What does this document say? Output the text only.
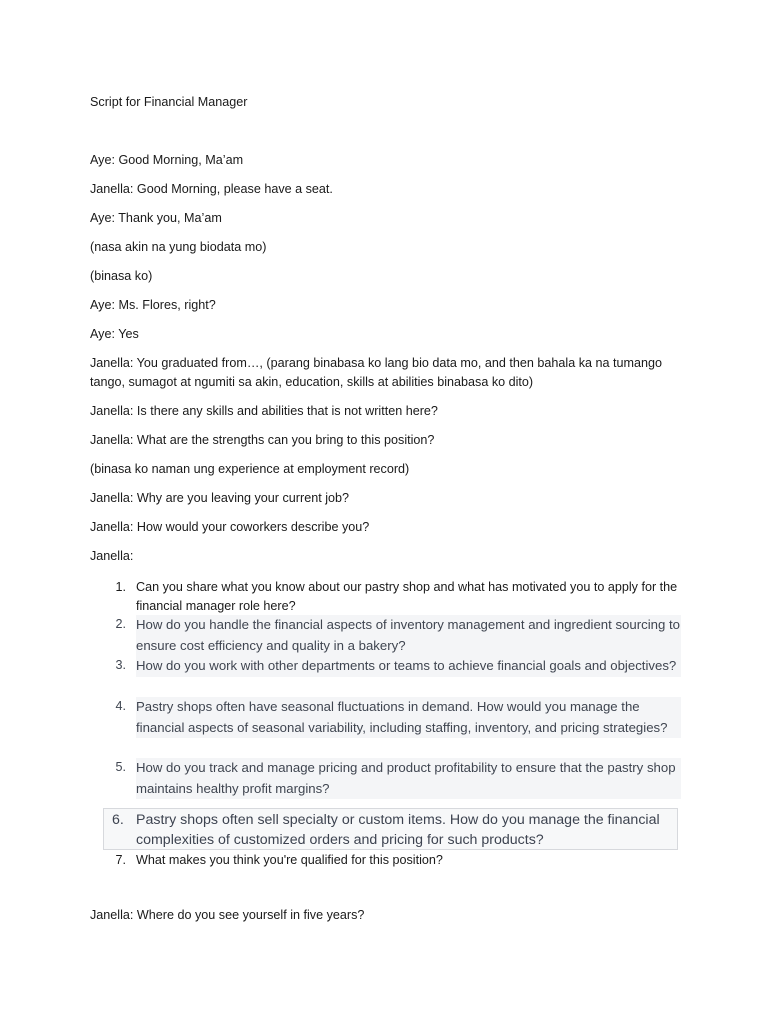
Script for Financial Manager
Aye: Good Morning, Ma’am
Janella: Good Morning, please have a seat.
Aye: Thank you, Ma’am
(nasa akin na yung biodata mo)
(binasa ko)
Aye: Ms. Flores, right?
Aye: Yes
Janella: You graduated from…, (parang binabasa ko lang bio data mo, and then bahala ka na tumango tango, sumagot at ngumiti sa akin, education, skills at abilities binabasa ko dito)
Janella: Is there any skills and abilities that is not written here?
Janella: What are the strengths can you bring to this position?
(binasa ko naman ung experience at employment record)
Janella: Why are you leaving your current job?
Janella: How would your coworkers describe you?
Janella:
1. Can you share what you know about our pastry shop and what has motivated you to apply for the financial manager role here?
2. How do you handle the financial aspects of inventory management and ingredient sourcing to ensure cost efficiency and quality in a bakery?
3. How do you work with other departments or teams to achieve financial goals and objectives?
4. Pastry shops often have seasonal fluctuations in demand. How would you manage the financial aspects of seasonal variability, including staffing, inventory, and pricing strategies?
5. How do you track and manage pricing and product profitability to ensure that the pastry shop maintains healthy profit margins?
6. Pastry shops often sell specialty or custom items. How do you manage the financial complexities of customized orders and pricing for such products?
7. What makes you think you're qualified for this position?
Janella: Where do you see yourself in five years?
